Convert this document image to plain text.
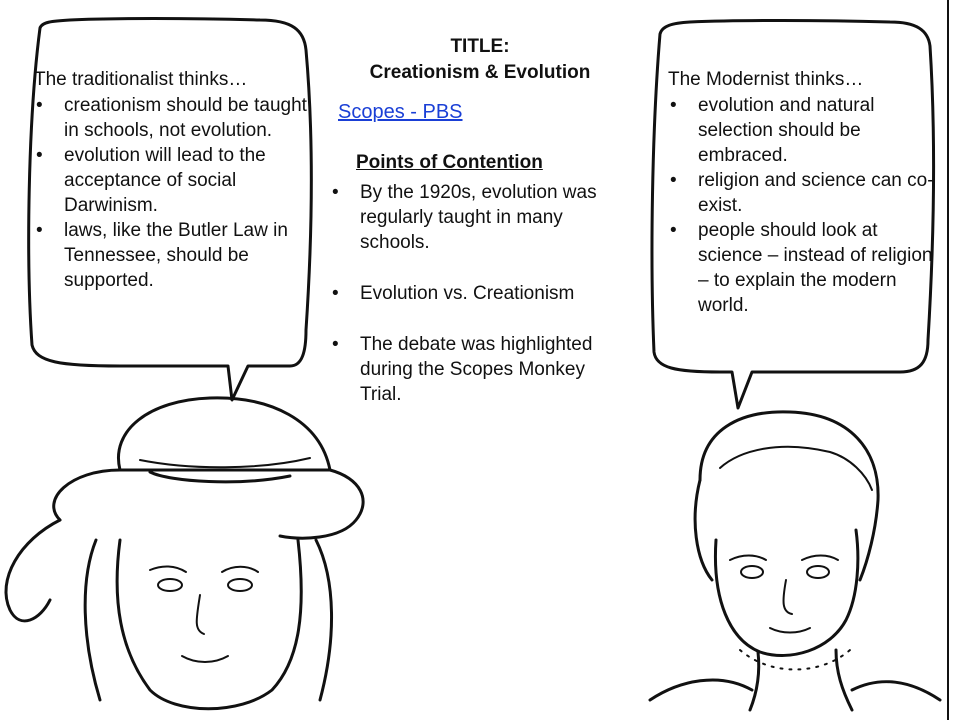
TITLE:
Creationism & Evolution
Scopes - PBS
Points of Contention
• By the 1920s, evolution was regularly taught in many schools.
• Evolution vs. Creationism
• The debate was highlighted during the Scopes Monkey Trial.
The traditionalist thinks…
• creationism should be taught in schools, not evolution.
• evolution will lead to the acceptance of social Darwinism.
• laws, like the Butler Law in Tennessee, should be supported.
The Modernist thinks…
• evolution and natural selection should be embraced.
• religion and science can co-exist.
• people should look at science – instead of religion – to explain the modern world.
